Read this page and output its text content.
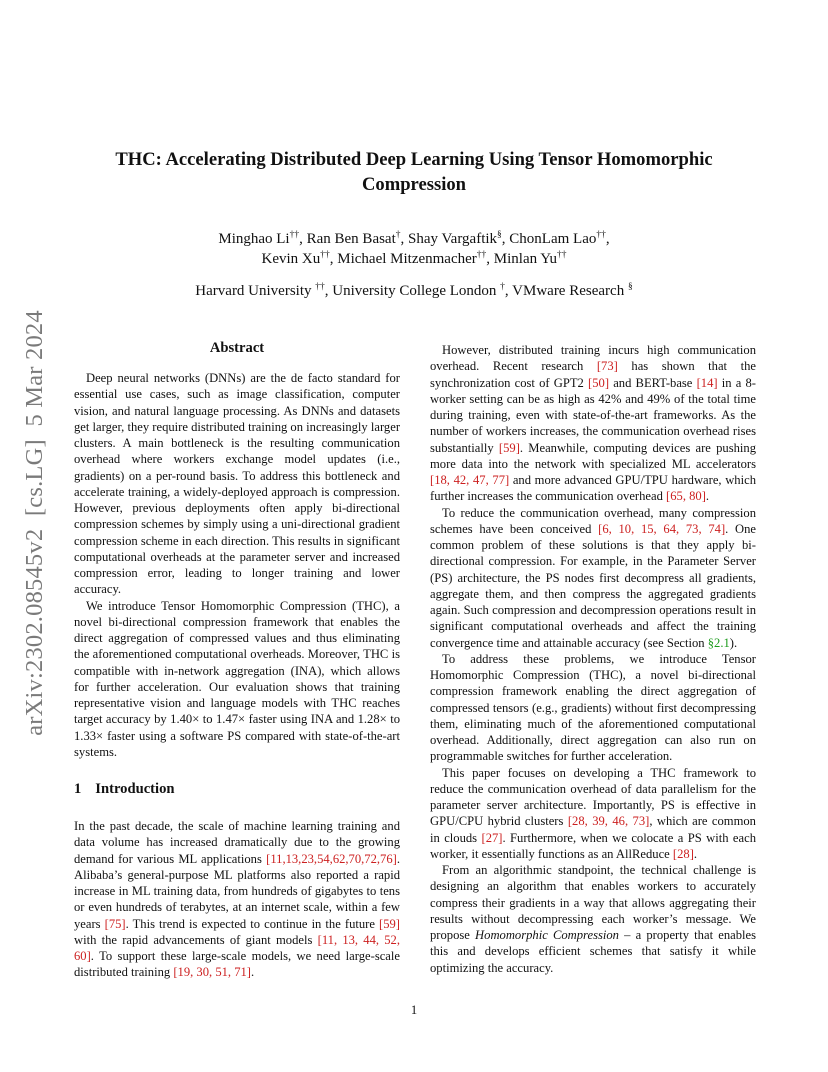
arXiv:2302.08545v2  [cs.LG]  5 Mar 2024
THC: Accelerating Distributed Deep Learning Using Tensor Homomorphic Compression
Minghao Li††, Ran Ben Basat†, Shay Vargaftik§, ChonLam Lao††,
Kevin Xu††, Michael Mitzenmacher††, Minlan Yu††
Harvard University ††, University College London †, VMware Research §
Abstract

Deep neural networks (DNNs) are the de facto standard for essential use cases, such as image classification, computer vision, and natural language processing. As DNNs and datasets get larger, they require distributed training on increasingly larger clusters. A main bottleneck is the resulting communication overhead where workers exchange model updates (i.e., gradients) on a per-round basis. To address this bottleneck and accelerate training, a widely-deployed approach is compression. However, previous deployments often apply bi-directional compression schemes by simply using a uni-directional gradient compression scheme in each direction. This results in significant computational overheads at the parameter server and increased compression error, leading to longer training and lower accuracy.

We introduce Tensor Homomorphic Compression (THC), a novel bi-directional compression framework that enables the direct aggregation of compressed values and thus eliminating the aforementioned computational overheads. Moreover, THC is compatible with in-network aggregation (INA), which allows for further acceleration. Our evaluation shows that training representative vision and language models with THC reaches target accuracy by 1.40× to 1.47× faster using INA and 1.28× to 1.33× faster using a software PS compared with state-of-the-art systems.

1 Introduction

In the past decade, the scale of machine learning training and data volume has increased dramatically due to the growing demand for various ML applications [11,13,23,54,62,70,72,76]. Alibaba’s general-purpose ML platforms also reported a rapid increase in ML training data, from hundreds of gigabytes to tens or even hundreds of terabytes, at an internet scale, within a few years [75]. This trend is expected to continue in the future [59] with the rapid advancements of giant models [11, 13, 44, 52, 60]. To support these large-scale models, we need large-scale distributed training [19, 30, 51, 71].

However, distributed training incurs high communication overhead. Recent research [73] has shown that the synchronization cost of GPT2 [50] and BERT-base [14] in a 8-worker setting can be as high as 42% and 49% of the total time during training, even with state-of-the-art frameworks. As the number of workers increases, the communication overhead rises substantially [59]. Meanwhile, computing devices are pushing more data into the network with specialized ML accelerators [18, 42, 47, 77] and more advanced GPU/TPU hardware, which further increases the communication overhead [65, 80].

To reduce the communication overhead, many compression schemes have been conceived [6, 10, 15, 64, 73, 74]. One common problem of these solutions is that they apply bi-directional compression. For example, in the Parameter Server (PS) architecture, the PS nodes first decompress all gradients, aggregate them, and then compress the aggregated gradients again. Such compression and decompression operations result in significant computational overheads and affect the training convergence time and attainable accuracy (see Section §2.1).

To address these problems, we introduce Tensor Homomorphic Compression (THC), a novel bi-directional compression framework enabling the direct aggregation of compressed tensors (e.g., gradients) without first decompressing them, eliminating much of the aforementioned computational overhead. Additionally, direct aggregation can also run on programmable switches for further acceleration.

This paper focuses on developing a THC framework to reduce the communication overhead of data parallelism for the parameter server architecture. Importantly, PS is effective in GPU/CPU hybrid clusters [28, 39, 46, 73], which are common in clouds [27]. Furthermore, when we colocate a PS with each worker, it essentially functions as an AllReduce [28].

From an algorithmic standpoint, the technical challenge is designing an algorithm that enables workers to accurately compress their gradients in a way that allows aggregating their results without decompressing each worker’s message. We propose Homomorphic Compression – a property that enables this and develops efficient schemes that satisfy it while optimizing the accuracy.

1
